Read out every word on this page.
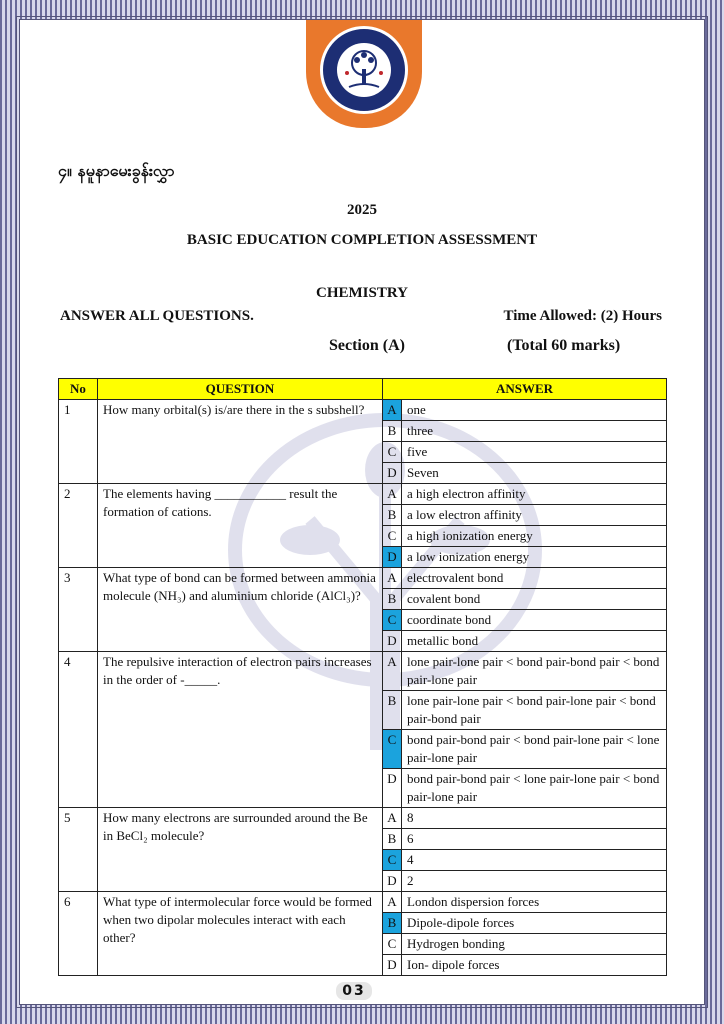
၄။ နမူနာမေးခွန်းလွှာ
2025
BASIC EDUCATION COMPLETION ASSESSMENT
CHEMISTRY
ANSWER ALL QUESTIONS.	Time Allowed: (2) Hours
Section (A)	(Total 60 marks)
No	QUESTION	ANSWER	
1	How many orbital(s) is/are there in the s subshell?	A	one
		B	three
		C	five
		D	Seven
2	The elements having ___________ result the formation of cations.	A	a high electron affinity
		B	a low electron affinity
		C	a high ionization energy
		D	a low ionization energy
3	What type of bond can be formed between ammonia molecule (NH₃) and aluminium chloride (AlCl₃)?	A	electrovalent bond
		B	covalent bond
		C	coordinate bond
		D	metallic bond
4	The repulsive interaction of electron pairs increases in the order of -_____.	A	lone pair-lone pair < bond pair-bond pair < bond pair-lone pair
		B	lone pair-lone pair < bond pair-lone pair < bond pair-bond pair
		C	bond pair-bond pair < bond pair-lone pair < lone pair-lone pair
		D	bond pair-bond pair < lone pair-lone pair < bond pair-lone pair
5	How many electrons are surrounded around the Be in BeCl₂ molecule?	A	8
		B	6
		C	4
		D	2
6	What type of intermolecular force would be formed when two dipolar molecules interact with each other?	A	London dispersion forces
		B	Dipole-dipole forces
		C	Hydrogen bonding
		D	Ion- dipole forces
03
